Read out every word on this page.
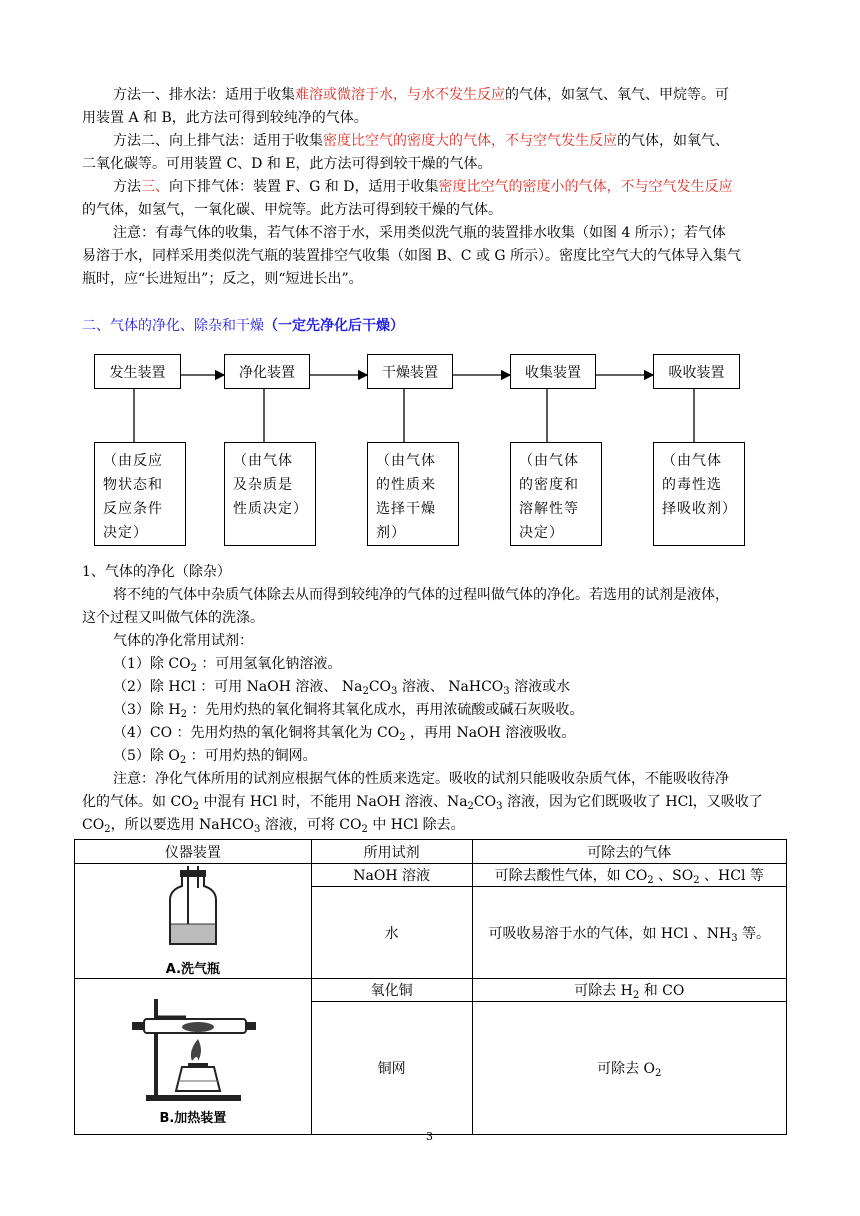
方法一、排水法：适用于收集难溶或微溶于水，与水不发生反应的气体，如氢气、氧气、甲烷等。可
用装置 A 和 B，此方法可得到较纯净的气体。
方法二、向上排气法：适用于收集密度比空气的密度大的气体，不与空气发生反应的气体，如氧气、
二氧化碳等。可用装置 C、D 和 E，此方法可得到较干燥的气体。
方法三、向下排气体：装置 F、G 和 D，适用于收集密度比空气的密度小的气体，不与空气发生反应
的气体，如氢气，一氧化碳、甲烷等。此方法可得到较干燥的气体。
注意：有毒气体的收集，若气体不溶于水，采用类似洗气瓶的装置排水收集（如图 4 所示）；若气体
易溶于水，同样采用类似洗气瓶的装置排空气收集（如图 B、C 或 G 所示）。密度比空气大的气体导入集气
瓶时，应“长进短出”；反之，则“短进长出”。
二、气体的净化、除杂和干燥（一定先净化后干燥）
发生装置	净化装置	干燥装置	收集装置	吸收装置
（由反应物状态和反应条件决定）
（由气体及杂质是性质决定）
（由气体的性质来选择干燥剂）
（由气体的密度和溶解性等决定）
（由气体的毒性选择吸收剂）
1、气体的净化（除杂）
将不纯的气体中杂质气体除去从而得到较纯净的气体的过程叫做气体的净化。若选用的试剂是液体，
这个过程又叫做气体的洗涤。
气体的净化常用试剂：
（1）除 $CO_2$ ：可用氢氧化钠溶液。
（2）除 HCl ：可用 NaOH 溶液、 $Na_2CO_3$ 溶液、 NaHCO$_3$ 溶液或水
（3）除 $H_2$ ：先用灼热的氧化铜将其氧化成水，再用浓硫酸或碱石灰吸收。
（4）CO ：先用灼热的氧化铜将其氧化为 $CO_2$ ，再用 NaOH 溶液吸收。
（5）除 $O_2$ ：可用灼热的铜网。
注意：净化气体所用的试剂应根据气体的性质来选定。吸收的试剂只能吸收杂质气体，不能吸收待净
化的气体。如 $CO_2$ 中混有 HCl 时，不能用 NaOH 溶液、$Na_2CO_3$ 溶液，因为它们既吸收了 HCl，又吸收了
$CO_2$，所以要选用 NaHCO$_3$ 溶液，可将 $CO_2$ 中 HCl 除去。
仪器装置	所用试剂	可除去的气体

A.洗气瓶	NaOH 溶液	可除去酸性气体，如 $CO_2$ 、$SO_2$ 、HCl 等
	水	可吸收易溶于水的气体，如 HCl 、$NH_3$ 等。

B.加热装置	氧化铜	可除去 $H_2$ 和 CO
	铜网	可除去 $O_2$
3
